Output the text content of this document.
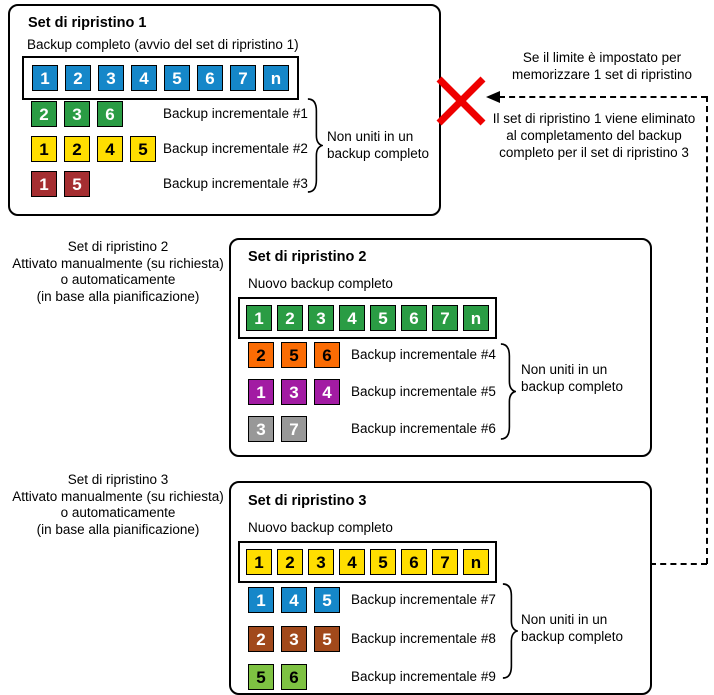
Set di ripristino 1
Backup completo (avvio del set di ripristino 1)
1	2	3	4	5	6	7	n
2	3	6	Backup incrementale #1
1	2	4	5	Backup incrementale #2
1	5	Backup incrementale #3
Non uniti in un
backup completo
Se il limite è impostato per
memorizzare 1 set di ripristino
Il set di ripristino 1 viene eliminato
al completamento del backup
completo per il set di ripristino 3
Set di ripristino 2
Attivato manualmente (su richiesta)
o automaticamente
(in base alla pianificazione)
Set di ripristino 2
Nuovo backup completo
1	2	3	4	5	6	7	n
2	5	6	Backup incrementale #4
1	3	4	Backup incrementale #5
3	7	Backup incrementale #6
Non uniti in un
backup completo
Set di ripristino 3
Attivato manualmente (su richiesta)
o automaticamente
(in base alla pianificazione)
Set di ripristino 3
Nuovo backup completo
1	2	3	4	5	6	7	n
1	4	5	Backup incrementale #7
2	3	5	Backup incrementale #8
5	6	Backup incrementale #9
Non uniti in un
backup completo
